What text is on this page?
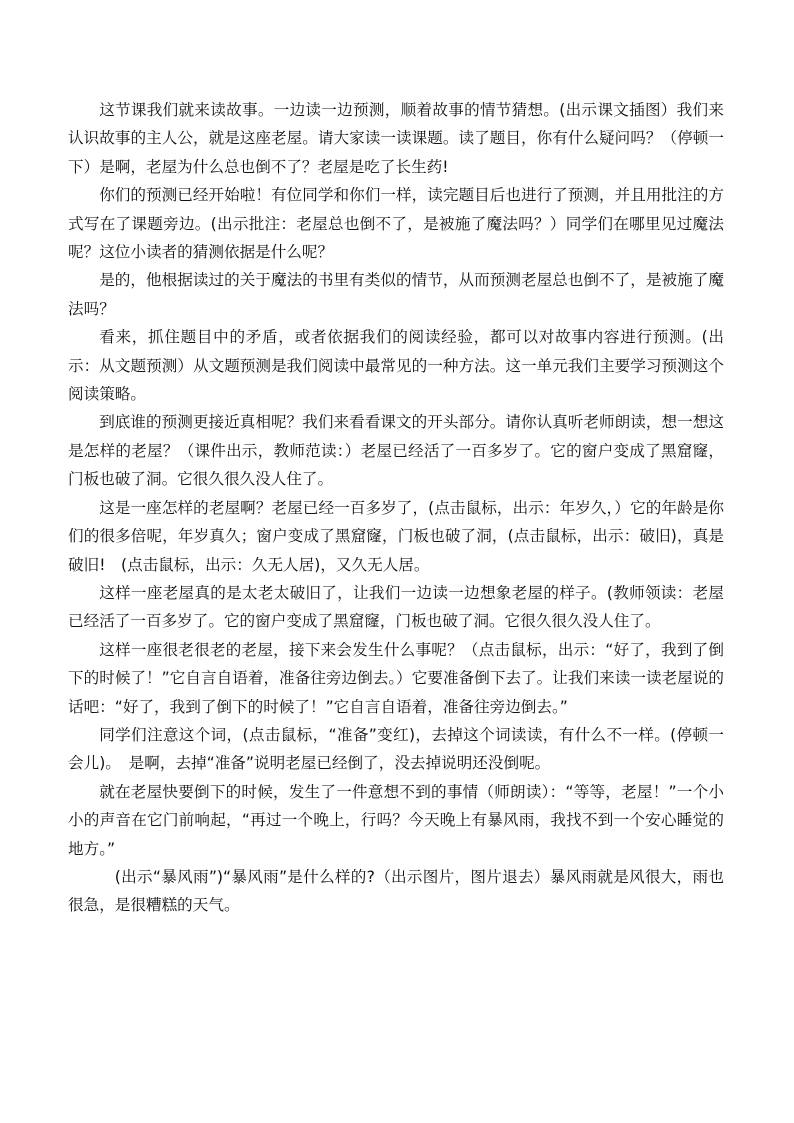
这节课我们就来读故事。一边读一边预测，顺着故事的情节猜想。(出示课文插图）我们来认识故事的主人公，就是这座老屋。请大家读一读课题。读了题目，你有什么疑问吗？（停顿一下）是啊，老屋为什么总也倒不了？老屋是吃了长生药!

你们的预测已经开始啦！有位同学和你们一样，读完题目后也进行了预测，并且用批注的方式写在了课题旁边。(出示批注：老屋总也倒不了，是被施了魔法吗？）同学们在哪里见过魔法呢？这位小读者的猜测依据是什么呢？

是的，他根据读过的关于魔法的书里有类似的情节，从而预测老屋总也倒不了，是被施了魔法吗？

看来，抓住题目中的矛盾，或者依据我们的阅读经验，都可以对故事内容进行预测。(出示：从文题预测）从文题预测是我们阅读中最常见的一种方法。这一单元我们主要学习预测这个阅读策略。

到底谁的预测更接近真相呢？我们来看看课文的开头部分。请你认真听老师朗读，想一想这是怎样的老屋？（课件出示，教师范读：）老屋已经活了一百多岁了。它的窗户变成了黑窟窿，门板也破了洞。它很久很久没人住了。

这是一座怎样的老屋啊？老屋已经一百多岁了，(点击鼠标，出示：年岁久，）它的年龄是你们的很多倍呢，年岁真久；窗户变成了黑窟窿，门板也破了洞，(点击鼠标，出示：破旧)，真是破旧!　(点击鼠标，出示：久无人居)，又久无人居。

这样一座老屋真的是太老太破旧了，让我们一边读一边想象老屋的样子。(教师领读：老屋已经活了一百多岁了。它的窗户变成了黑窟窿，门板也破了洞。它很久很久没人住了。

这样一座很老很老的老屋，接下来会发生什么事呢？（点击鼠标，出示：“好了，我到了倒下的时候了！”它自言自语着，准备往旁边倒去。）它要准备倒下去了。让我们来读一读老屋说的话吧：“好了，我到了倒下的时候了！”它自言自语着，准备往旁边倒去。”

同学们注意这个词，(点击鼠标，“准备”变红)，去掉这个词读读，有什么不一样。(停顿一会儿)。　是啊，去掉“准备”说明老屋已经倒了，没去掉说明还没倒呢。

就在老屋快要倒下的时候，发生了一件意想不到的事情（师朗读）：“等等，老屋！”一个小小的声音在它门前响起，“再过一个晚上，行吗？今天晚上有暴风雨，我找不到一个安心睡觉的地方。”

(出示“暴风雨”)“暴风雨”是什么样的?（出示图片，图片退去）暴风雨就是风很大，雨也很急，是很糟糕的天气。
